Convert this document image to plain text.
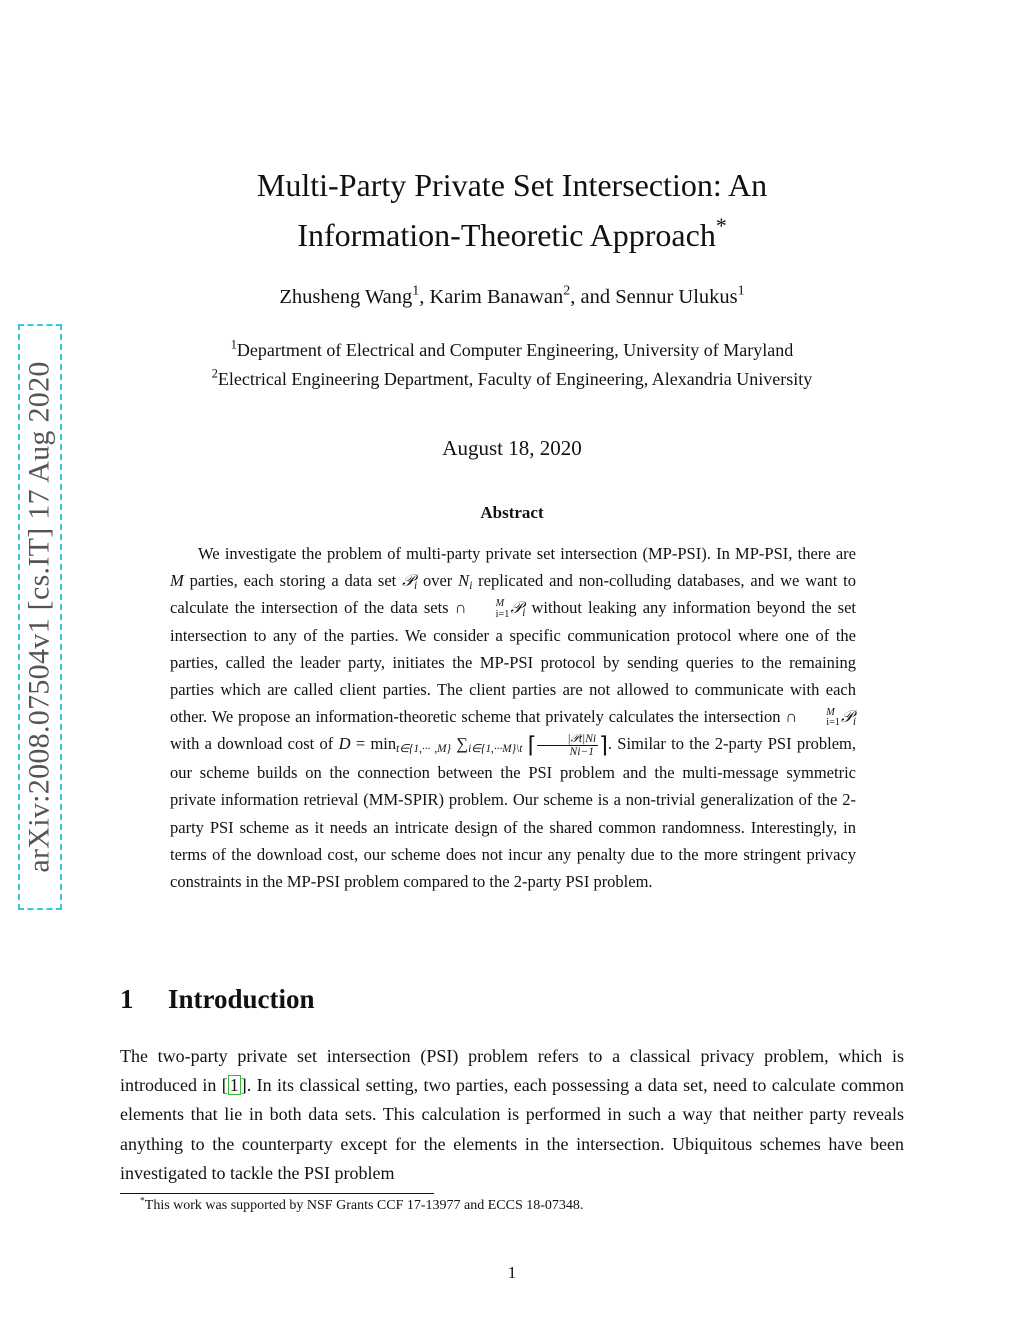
arXiv:2008.07504v1 [cs.IT] 17 Aug 2020
Multi-Party Private Set Intersection: An
Information-Theoretic Approach*
Zhusheng Wang$^1$, Karim Banawan$^2$, and Sennur Ulukus$^1$
$^1$Department of Electrical and Computer Engineering, University of Maryland
$^2$Electrical Engineering Department, Faculty of Engineering, Alexandria University
August 18, 2020
Abstract
We investigate the problem of multi-party private set intersection (MP-PSI). In MP-PSI, there are M parties, each storing a data set 𝒫$_i$ over $N_i$ replicated and non-colluding databases, and we want to calculate the intersection of the data sets ∩	M
i=1 𝒫$_i$ without leaking any information beyond the set intersection to any of the parties. We consider a specific communication protocol where one of the parties, called the leader party, initiates the MP-PSI protocol by sending queries to the remaining parties which are called client parties. The client parties are not allowed to communicate with each other. We propose an information-theoretic scheme that privately calculates the intersection ∩	M
i=1 𝒫$_i$ with a download cost of $D = \min_{t\in\{1,\cdot\cdot\cdot ,M\}} \sum_{i\in\{1,\cdot\cdot\cdot M\}\backslash t}$ ⌈ $\frac{\text{|𝒫t|Ni}}{Ni-1}$ ⌉. Similar to the 2-party PSI problem, our scheme builds on the connection between the PSI problem and the multi-message symmetric private information retrieval (MM-SPIR) problem. Our scheme is a non-trivial generalization of the 2-party PSI scheme as it needs an intricate design of the shared common randomness. Interestingly, in terms of the download cost, our scheme does not incur any penalty due to the more stringent privacy constraints in the MP-PSI problem compared to the 2-party PSI problem.
1 Introduction
The two-party private set intersection (PSI) problem refers to a classical privacy problem, which is introduced in [ 1 ]. In its classical setting, two parties, each possessing a data set, need to calculate common elements that lie in both data sets. This calculation is performed in such a way that neither party reveals anything to the counterparty except for the elements in the intersection. Ubiquitous schemes have been investigated to tackle the PSI problem
*This work was supported by NSF Grants CCF 17-13977 and ECCS 18-07348.
1
